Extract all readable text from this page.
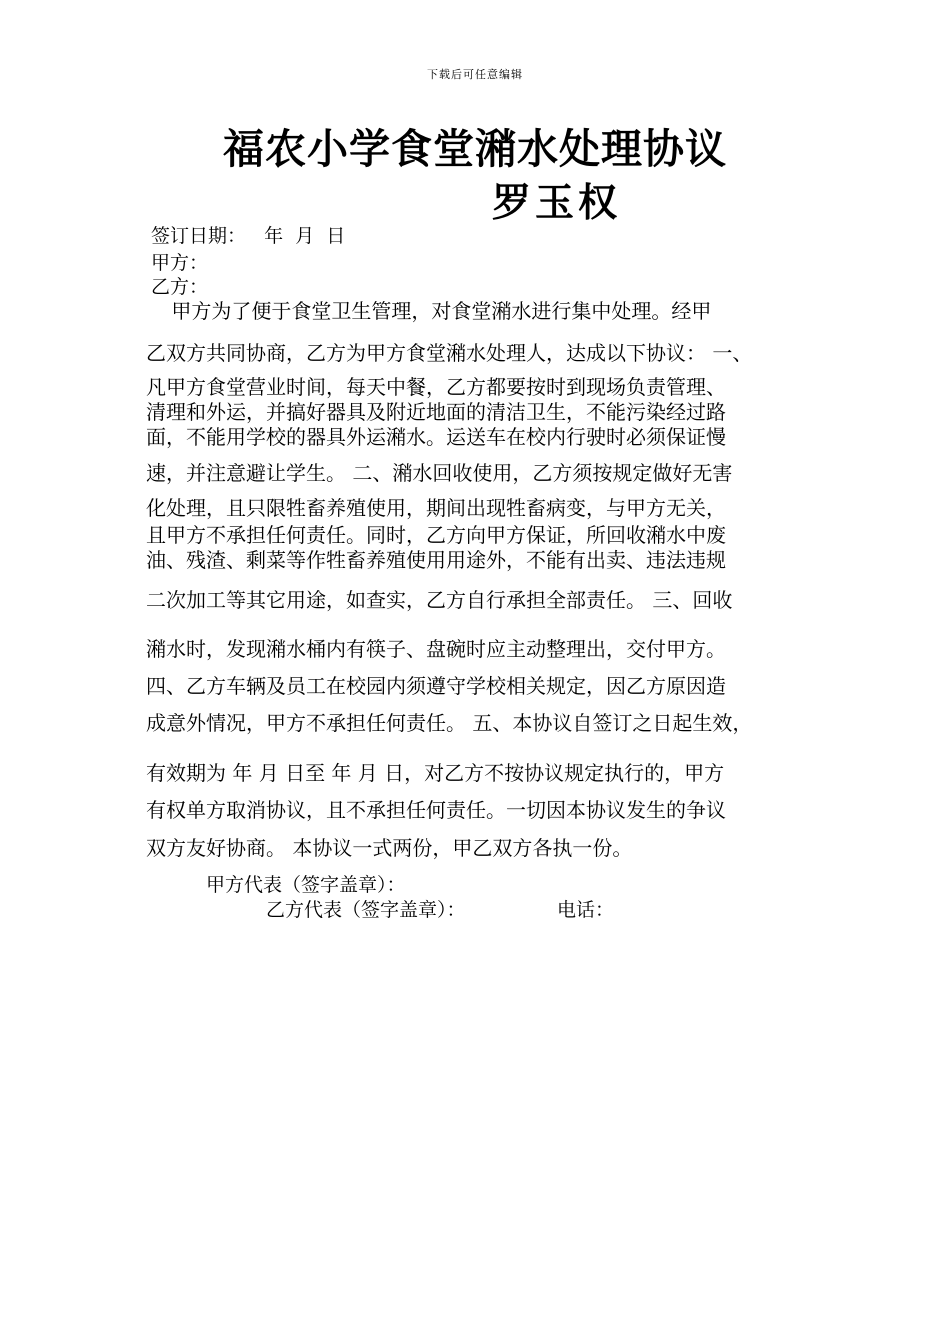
下载后可任意编辑
福农小学食堂潲水处理协议
罗玉权
签订日期：   年  月  日
甲方：
乙方：
甲方为了便于食堂卫生管理，对食堂潲水进行集中处理。经甲
乙双方共同协商，乙方为甲方食堂潲水处理人，达成以下协议： 一、
凡甲方食堂营业时间，每天中餐，乙方都要按时到现场负责管理、
清理和外运，并搞好器具及附近地面的清洁卫生，不能污染经过路
面，不能用学校的器具外运潲水。运送车在校内行驶时必须保证慢
速，并注意避让学生。 二、潲水回收使用，乙方须按规定做好无害
化处理，且只限牲畜养殖使用，期间出现牲畜病变，与甲方无关，
且甲方不承担任何责任。同时，乙方向甲方保证，所回收潲水中废
油、残渣、剩菜等作牲畜养殖使用用途外，不能有出卖、违法违规
二次加工等其它用途，如查实，乙方自行承担全部责任。 三、回收
潲水时，发现潲水桶内有筷子、盘碗时应主动整理出，交付甲方。
四、乙方车辆及员工在校园内须遵守学校相关规定，因乙方原因造
成意外情况，甲方不承担任何责任。 五、本协议自签订之日起生效，
有效期为 年 月 日至 年 月 日，对乙方不按协议规定执行的，甲方
有权单方取消协议，且不承担任何责任。一切因本协议发生的争议
双方友好协商。 本协议一式两份，甲乙双方各执一份。
甲方代表（签字盖章）：
乙方代表（签字盖章）：	电话：
